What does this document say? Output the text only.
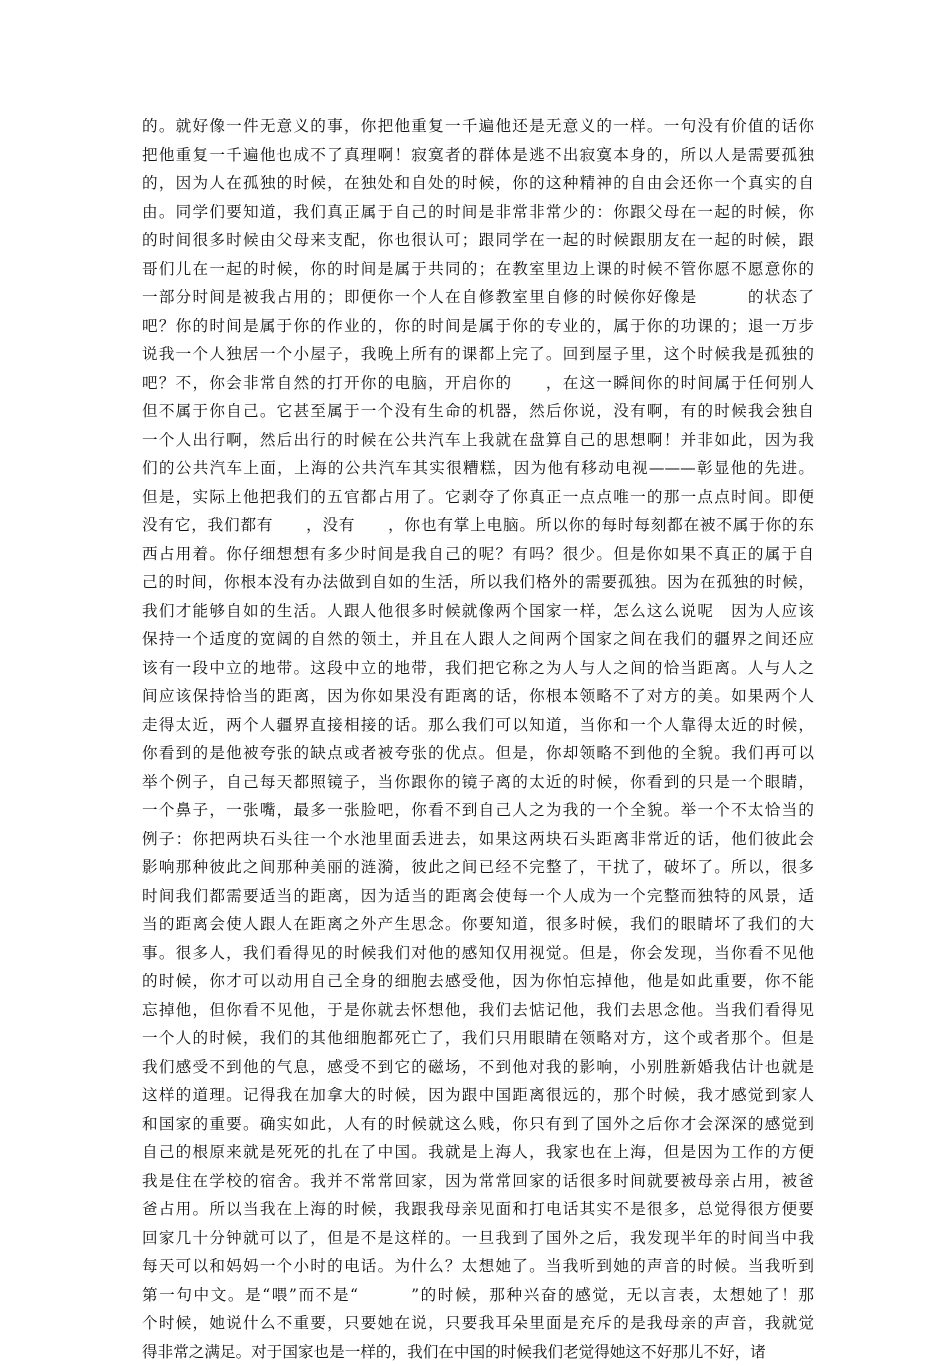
的。就好像一件无意义的事，你把他重复一千遍他还是无意义的一样。一句没有价值的话你
把他重复一千遍他也成不了真理啊！寂寞者的群体是逃不出寂寞本身的，所以人是需要孤独
的，因为人在孤独的时候，在独处和自处的时候，你的这种精神的自由会还你一个真实的自
由。同学们要知道，我们真正属于自己的时间是非常非常少的：你跟父母在一起的时候，你
的时间很多时候由父母来支配，你也很认可；跟同学在一起的时候跟朋友在一起的时候，跟
哥们儿在一起的时候，你的时间是属于共同的；在教室里边上课的时候不管你愿不愿意你的
一部分时间是被我占用的；即便你一个人在自修教室里自修的时候你好像是　　　的状态了
吧？你的时间是属于你的作业的，你的时间是属于你的专业的，属于你的功课的；退一万步
说我一个人独居一个小屋子，我晚上所有的课都上完了。回到屋子里，这个时候我是孤独的
吧？不，你会非常自然的打开你的电脑，开启你的　　，在这一瞬间你的时间属于任何别人
但不属于你自己。它甚至属于一个没有生命的机器，然后你说，没有啊，有的时候我会独自
一个人出行啊，然后出行的时候在公共汽车上我就在盘算自己的思想啊！并非如此，因为我
们的公共汽车上面，上海的公共汽车其实很糟糕，因为他有移动电视———彰显他的先进。
但是，实际上他把我们的五官都占用了。它剥夺了你真正一点点唯一的那一点点时间。即便
没有它，我们都有　　，没有　　，你也有掌上电脑。所以你的每时每刻都在被不属于你的东
西占用着。你仔细想想有多少时间是我自己的呢？有吗？很少。但是你如果不真正的属于自
己的时间，你根本没有办法做到自如的生活，所以我们格外的需要孤独。因为在孤独的时候，
我们才能够自如的生活。人跟人他很多时候就像两个国家一样，怎么这么说呢　因为人应该
保持一个适度的宽阔的自然的领土，并且在人跟人之间两个国家之间在我们的疆界之间还应
该有一段中立的地带。这段中立的地带，我们把它称之为人与人之间的恰当距离。人与人之
间应该保持恰当的距离，因为你如果没有距离的话，你根本领略不了对方的美。如果两个人
走得太近，两个人疆界直接相接的话。那么我们可以知道，当你和一个人靠得太近的时候，
你看到的是他被夸张的缺点或者被夸张的优点。但是，你却领略不到他的全貌。我们再可以
举个例子，自己每天都照镜子，当你跟你的镜子离的太近的时候，你看到的只是一个眼睛，
一个鼻子，一张嘴，最多一张脸吧，你看不到自己人之为我的一个全貌。举一个不太恰当的
例子：你把两块石头往一个水池里面丢进去，如果这两块石头距离非常近的话，他们彼此会
影响那种彼此之间那种美丽的涟漪，彼此之间已经不完整了，干扰了，破坏了。所以，很多
时间我们都需要适当的距离，因为适当的距离会使每一个人成为一个完整而独特的风景，适
当的距离会使人跟人在距离之外产生思念。你要知道，很多时候，我们的眼睛坏了我们的大
事。很多人，我们看得见的时候我们对他的感知仅用视觉。但是，你会发现，当你看不见他
的时候，你才可以动用自己全身的细胞去感受他，因为你怕忘掉他，他是如此重要，你不能
忘掉他，但你看不见他，于是你就去怀想他，我们去惦记他，我们去思念他。当我们看得见
一个人的时候，我们的其他细胞都死亡了，我们只用眼睛在领略对方，这个或者那个。但是
我们感受不到他的气息，感受不到它的磁场，不到他对我的影响，小别胜新婚我估计也就是
这样的道理。记得我在加拿大的时候，因为跟中国距离很远的，那个时候，我才感觉到家人
和国家的重要。确实如此，人有的时候就这么贱，你只有到了国外之后你才会深深的感觉到
自己的根原来就是死死的扎在了中国。我就是上海人，我家也在上海，但是因为工作的方便
我是住在学校的宿舍。我并不常常回家，因为常常回家的话很多时间就要被母亲占用，被爸
爸占用。所以当我在上海的时候，我跟我母亲见面和打电话其实不是很多，总觉得很方便要
回家几十分钟就可以了，但是不是这样的。一旦我到了国外之后，我发现半年的时间当中我
每天可以和妈妈一个小时的电话。为什么？太想她了。当我听到她的声音的时候。当我听到
第一句中文。是“喂”而不是“　　　”的时候，那种兴奋的感觉，无以言表，太想她了！那
个时候，她说什么不重要，只要她在说，只要我耳朵里面是充斥的是我母亲的声音，我就觉
得非常之满足。对于国家也是一样的，我们在中国的时候我们老觉得她这不好那儿不好，诸
